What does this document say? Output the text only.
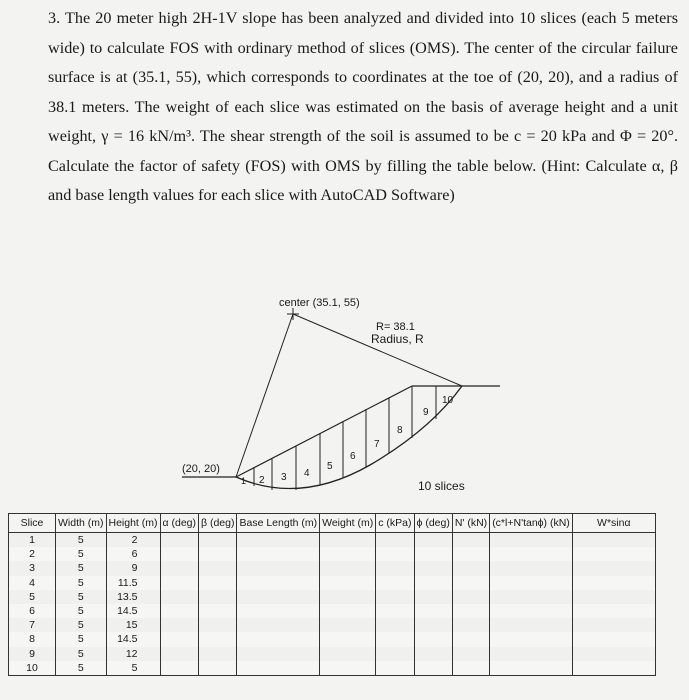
3. The 20 meter high 2H-1V slope has been analyzed and divided into 10 slices (each 5 meters wide) to calculate FOS with ordinary method of slices (OMS). The center of the circular failure surface is at (35.1, 55), which corresponds to coordinates at the toe of (20, 20), and a radius of 38.1 meters. The weight of each slice was estimated on the basis of average height and a unit weight, γ = 16 kN/m³. The shear strength of the soil is assumed to be c = 20 kPa and Φ = 20°. Calculate the factor of safety (FOS) with OMS by filling the table below. (Hint: Calculate α, β and base length values for each slice with AutoCAD Software)
1 2 3 4
5
6
7
8
9
10
center (35.1, 55)
R= 38.1
Radius, R
(20, 20)
10 slices
Slice	Width (m)	Height (m)	α (deg)	β (deg)	Base Length (m)	Weight (m)	c (kPa)	ϕ (deg)	N' (kN)	(c*l+N'tanϕ) (kN)	W*sinα
1	5	2									
2	5	6									
3	5	9									
4	5	11.5									
5	5	13.5									
6	5	14.5									
7	5	15									
8	5	14.5									
9	5	12									
10	5	5									
